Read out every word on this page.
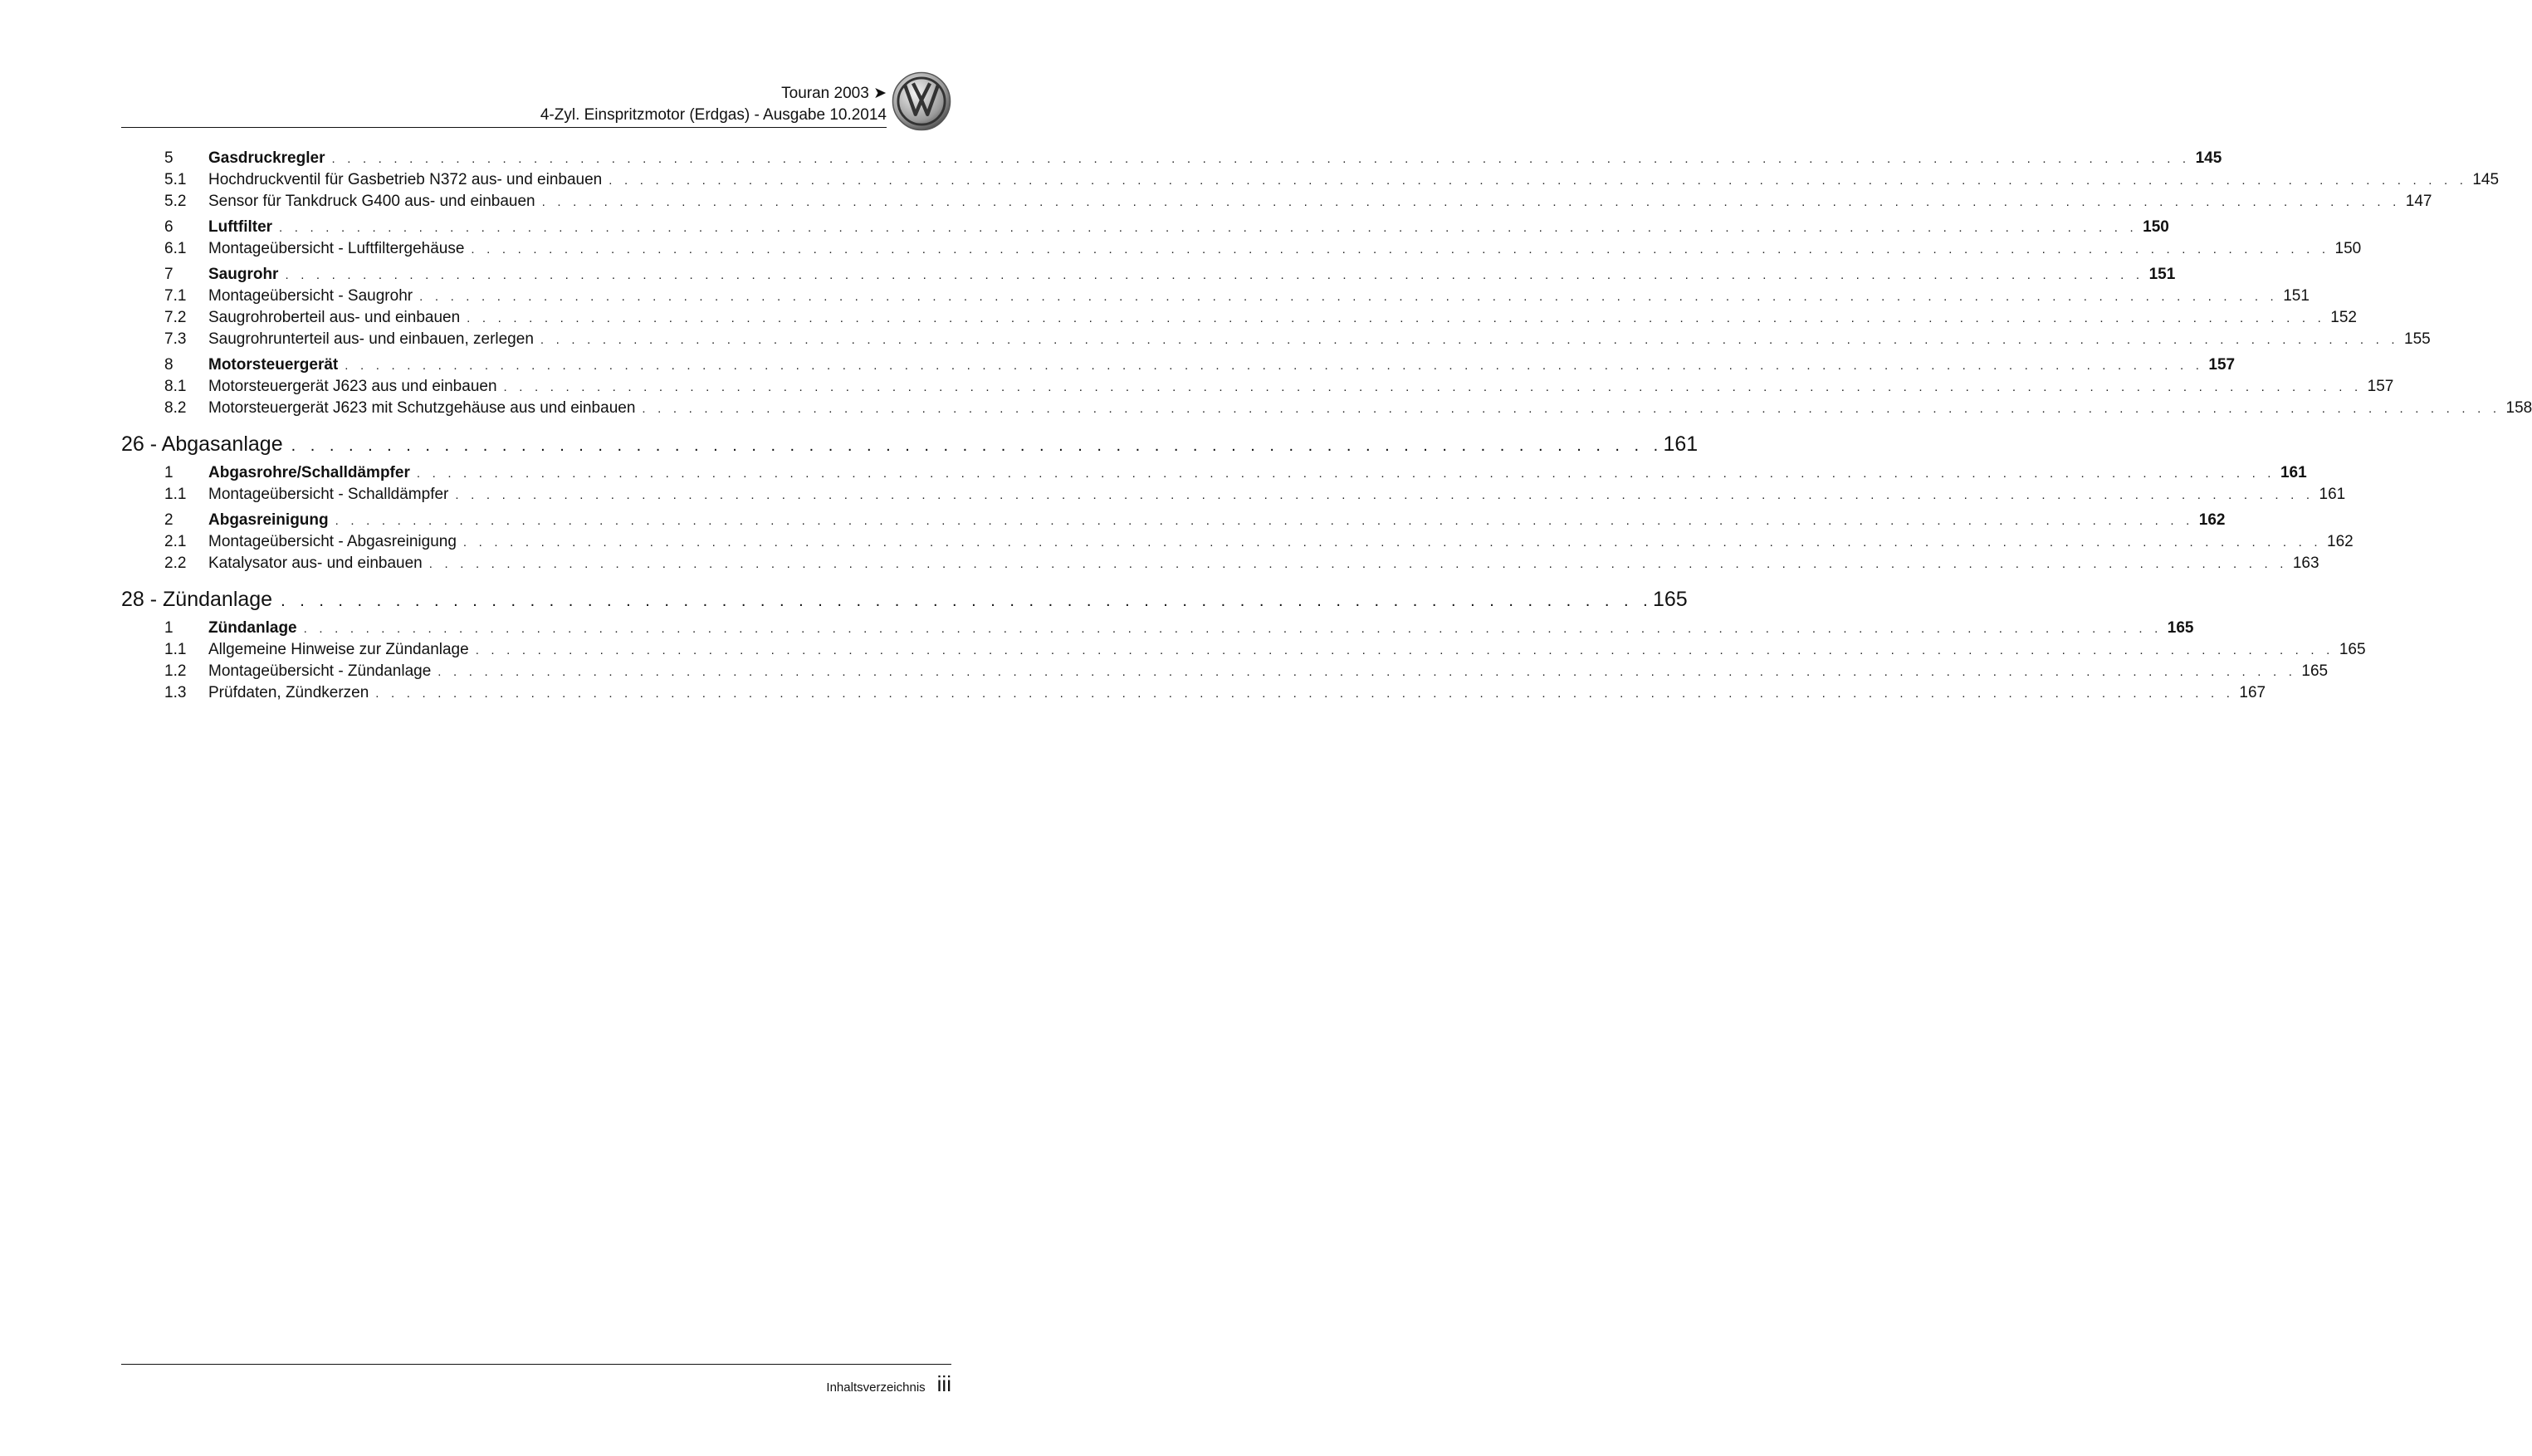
Touran 2003 ➤
4-Zyl. Einspritzmotor (Erdgas) - Ausgabe 10.2014
5	Gasdruckregler . . . . . . . . . . . . . . . . . . . . . . . . . . . . . . . . . . . . . . . . . . . . . . . . . . . . . . . . . . . . . . . . . . . . . . . . . . . . . . . . . . . . . . . . . . . . . . . . . . . . . . . . . . . . . . . . . . . . . . . . 145
5.1	Hochdruckventil für Gasbetrieb N372 aus- und einbauen . . . . . . . . . . . . . . . . . . . . . . . . . . . . . . . . . . . . . . . . . . . . . . . . . . . . . . . . . . . . . . . . . . . . . . . . . . . . . . . . . . . . . . . . . . . . . . . . . . . . . . . . . . . . . . . . . . . . . . . . 145
5.2	Sensor für Tankdruck G400 aus- und einbauen . . . . . . . . . . . . . . . . . . . . . . . . . . . . . . . . . . . . . . . . . . . . . . . . . . . . . . . . . . . . . . . . . . . . . . . . . . . . . . . . . . . . . . . . . . . . . . . . . . . . . . . . . . . . . . . . . . . . . . . . 147
6	Luftfilter . . . . . . . . . . . . . . . . . . . . . . . . . . . . . . . . . . . . . . . . . . . . . . . . . . . . . . . . . . . . . . . . . . . . . . . . . . . . . . . . . . . . . . . . . . . . . . . . . . . . . . . . . . . . . . . . . . . . . . . . 150
6.1	Montageübersicht - Luftfiltergehäuse . . . . . . . . . . . . . . . . . . . . . . . . . . . . . . . . . . . . . . . . . . . . . . . . . . . . . . . . . . . . . . . . . . . . . . . . . . . . . . . . . . . . . . . . . . . . . . . . . . . . . . . . . . . . . . . . . . . . . . . . 150
7	Saugrohr . . . . . . . . . . . . . . . . . . . . . . . . . . . . . . . . . . . . . . . . . . . . . . . . . . . . . . . . . . . . . . . . . . . . . . . . . . . . . . . . . . . . . . . . . . . . . . . . . . . . . . . . . . . . . . . . . . . . . . . . 151
7.1	Montageübersicht - Saugrohr . . . . . . . . . . . . . . . . . . . . . . . . . . . . . . . . . . . . . . . . . . . . . . . . . . . . . . . . . . . . . . . . . . . . . . . . . . . . . . . . . . . . . . . . . . . . . . . . . . . . . . . . . . . . . . . . . . . . . . . . 151
7.2	Saugrohroberteil aus- und einbauen . . . . . . . . . . . . . . . . . . . . . . . . . . . . . . . . . . . . . . . . . . . . . . . . . . . . . . . . . . . . . . . . . . . . . . . . . . . . . . . . . . . . . . . . . . . . . . . . . . . . . . . . . . . . . . . . . . . . . . . . 152
7.3	Saugrohrunterteil aus- und einbauen, zerlegen . . . . . . . . . . . . . . . . . . . . . . . . . . . . . . . . . . . . . . . . . . . . . . . . . . . . . . . . . . . . . . . . . . . . . . . . . . . . . . . . . . . . . . . . . . . . . . . . . . . . . . . . . . . . . . . . . . . . . . . . 155
8	Motorsteuergerät . . . . . . . . . . . . . . . . . . . . . . . . . . . . . . . . . . . . . . . . . . . . . . . . . . . . . . . . . . . . . . . . . . . . . . . . . . . . . . . . . . . . . . . . . . . . . . . . . . . . . . . . . . . . . . . . . . . . . . . . 157
8.1	Motorsteuergerät J623 aus und einbauen . . . . . . . . . . . . . . . . . . . . . . . . . . . . . . . . . . . . . . . . . . . . . . . . . . . . . . . . . . . . . . . . . . . . . . . . . . . . . . . . . . . . . . . . . . . . . . . . . . . . . . . . . . . . . . . . . . . . . . . . 157
8.2	Motorsteuergerät J623 mit Schutzgehäuse aus und einbauen . . . . . . . . . . . . . . . . . . . . . . . . . . . . . . . . . . . . . . . . . . . . . . . . . . . . . . . . . . . . . . . . . . . . . . . . . . . . . . . . . . . . . . . . . . . . . . . . . . . . . . . . . . . . . . . . . . . . . . . . 158
26 - Abgasanlage . . . . . . . . . . . . . . . . . . . . . . . . . . . . . . . . . . . . . . . . . . . . . . . . . . . . . . . . . . . . . . . . . . . . . . . . 161
1	Abgasrohre/Schalldämpfer . . . . . . . . . . . . . . . . . . . . . . . . . . . . . . . . . . . . . . . . . . . . . . . . . . . . . . . . . . . . . . . . . . . . . . . . . . . . . . . . . . . . . . . . . . . . . . . . . . . . . . . . . . . . . . . . . . . . . . . . 161
1.1	Montageübersicht - Schalldämpfer . . . . . . . . . . . . . . . . . . . . . . . . . . . . . . . . . . . . . . . . . . . . . . . . . . . . . . . . . . . . . . . . . . . . . . . . . . . . . . . . . . . . . . . . . . . . . . . . . . . . . . . . . . . . . . . . . . . . . . . . 161
2	Abgasreinigung . . . . . . . . . . . . . . . . . . . . . . . . . . . . . . . . . . . . . . . . . . . . . . . . . . . . . . . . . . . . . . . . . . . . . . . . . . . . . . . . . . . . . . . . . . . . . . . . . . . . . . . . . . . . . . . . . . . . . . . . 162
2.1	Montageübersicht - Abgasreinigung . . . . . . . . . . . . . . . . . . . . . . . . . . . . . . . . . . . . . . . . . . . . . . . . . . . . . . . . . . . . . . . . . . . . . . . . . . . . . . . . . . . . . . . . . . . . . . . . . . . . . . . . . . . . . . . . . . . . . . . . 162
2.2	Katalysator aus- und einbauen . . . . . . . . . . . . . . . . . . . . . . . . . . . . . . . . . . . . . . . . . . . . . . . . . . . . . . . . . . . . . . . . . . . . . . . . . . . . . . . . . . . . . . . . . . . . . . . . . . . . . . . . . . . . . . . . . . . . . . . . 163
28 - Zündanlage . . . . . . . . . . . . . . . . . . . . . . . . . . . . . . . . . . . . . . . . . . . . . . . . . . . . . . . . . . . . . . . . . . . . . . . . 165
1	Zündanlage . . . . . . . . . . . . . . . . . . . . . . . . . . . . . . . . . . . . . . . . . . . . . . . . . . . . . . . . . . . . . . . . . . . . . . . . . . . . . . . . . . . . . . . . . . . . . . . . . . . . . . . . . . . . . . . . . . . . . . . . 165
1.1	Allgemeine Hinweise zur Zündanlage . . . . . . . . . . . . . . . . . . . . . . . . . . . . . . . . . . . . . . . . . . . . . . . . . . . . . . . . . . . . . . . . . . . . . . . . . . . . . . . . . . . . . . . . . . . . . . . . . . . . . . . . . . . . . . . . . . . . . . . . 165
1.2	Montageübersicht - Zündanlage . . . . . . . . . . . . . . . . . . . . . . . . . . . . . . . . . . . . . . . . . . . . . . . . . . . . . . . . . . . . . . . . . . . . . . . . . . . . . . . . . . . . . . . . . . . . . . . . . . . . . . . . . . . . . . . . . . . . . . . . 165
1.3	Prüfdaten, Zündkerzen . . . . . . . . . . . . . . . . . . . . . . . . . . . . . . . . . . . . . . . . . . . . . . . . . . . . . . . . . . . . . . . . . . . . . . . . . . . . . . . . . . . . . . . . . . . . . . . . . . . . . . . . . . . . . . . . . . . . . . . . 167
Inhaltsverzeichnis iii
